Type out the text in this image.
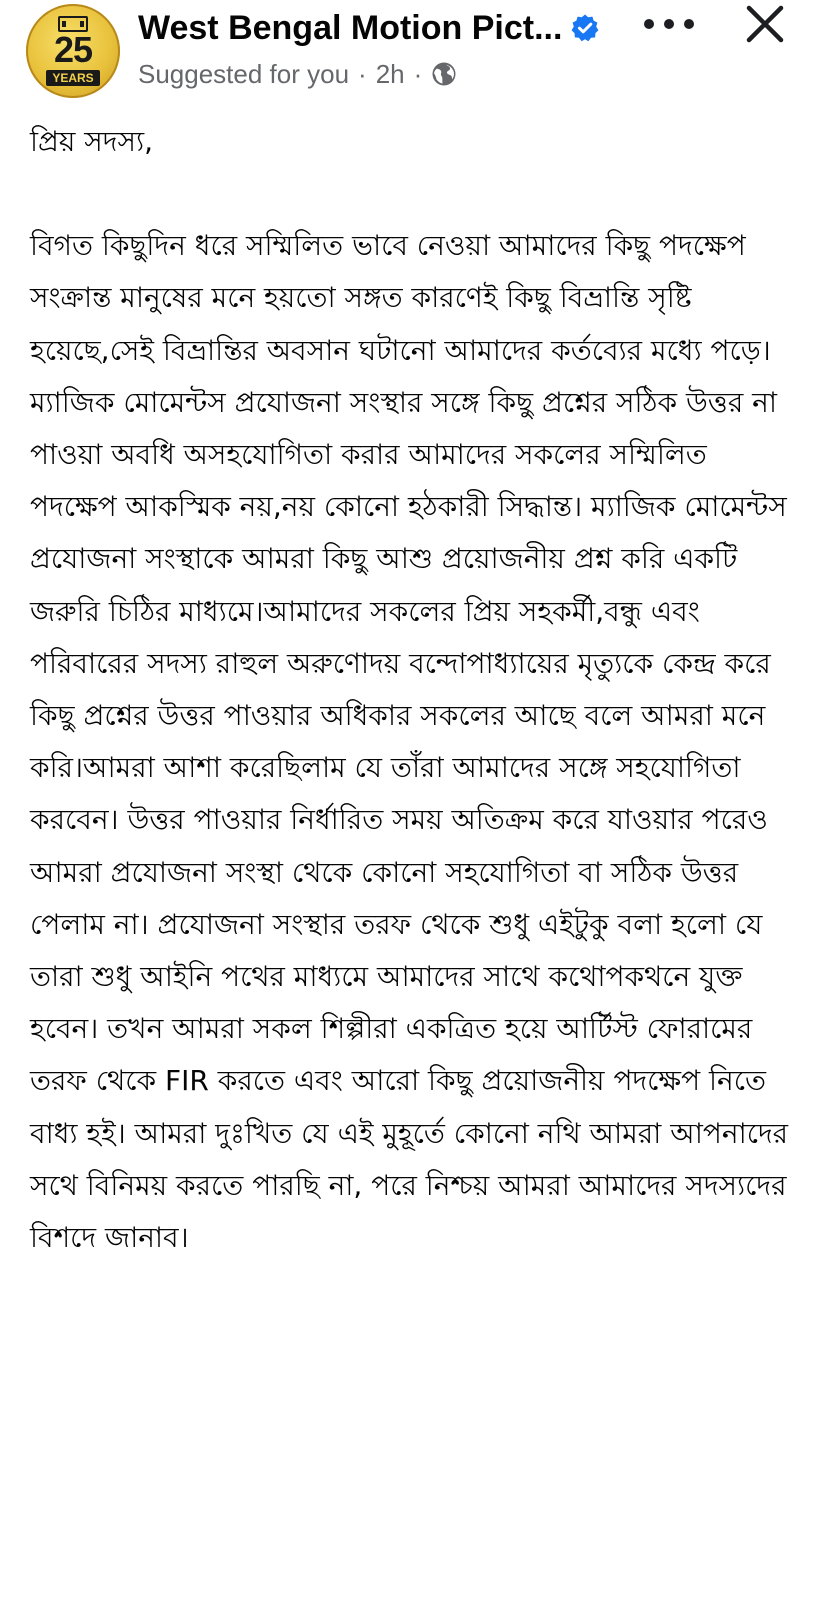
25
YEARS
West Bengal Motion Pict...
Suggested for you · 2h ·

প্রিয় সদস্য,

বিগত কিছুদিন ধরে সম্মিলিত ভাবে নেওয়া আমাদের কিছু পদক্ষেপ সংক্রান্ত মানুষের মনে হয়তো সঙ্গত কারণেই কিছু বিভ্রান্তি সৃষ্টি হয়েছে,সেই বিভ্রান্তির অবসান ঘটানো আমাদের কর্তব্যের মধ্যে পড়ে। ম্যাজিক মোমেন্টস প্রযোজনা সংস্থার সঙ্গে কিছু প্রশ্নের সঠিক উত্তর না পাওয়া অবধি অসহযোগিতা করার আমাদের সকলের সম্মিলিত পদক্ষেপ আকস্মিক নয়,নয় কোনো হঠকারী সিদ্ধান্ত। ম্যাজিক মোমেন্টস প্রযোজনা সংস্থাকে আমরা কিছু আশু প্রয়োজনীয় প্রশ্ন করি একটি জরুরি চিঠির মাধ্যমে।আমাদের সকলের প্রিয় সহকর্মী,বন্ধু এবং পরিবারের সদস্য রাহুল অরুণোদয় বন্দোপাধ্যায়ের মৃত্যুকে কেন্দ্র করে কিছু প্রশ্নের উত্তর পাওয়ার অধিকার সকলের আছে বলে আমরা মনে করি।আমরা আশা করেছিলাম যে তাঁরা আমাদের সঙ্গে সহযোগিতা করবেন। উত্তর পাওয়ার নির্ধারিত সময় অতিক্রম করে যাওয়ার পরেও আমরা প্রযোজনা সংস্থা থেকে কোনো সহযোগিতা বা সঠিক উত্তর পেলাম না। প্রযোজনা সংস্থার তরফ থেকে শুধু এইটুকু বলা হলো যে তারা শুধু আইনি পথের মাধ্যমে আমাদের সাথে কথোপকথনে যুক্ত হবেন। তখন আমরা সকল শিল্পীরা একত্রিত হয়ে আর্টিস্ট ফোরামের তরফ থেকে FIR করতে এবং আরো কিছু প্রয়োজনীয় পদক্ষেপ নিতে বাধ্য হই। আমরা দুঃখিত যে এই মুহূর্তে কোনো নথি আমরা আপনাদের সথে বিনিময় করতে পারছি না, পরে নিশ্চয় আমরা আমাদের সদস্যদের বিশদে জানাব।
